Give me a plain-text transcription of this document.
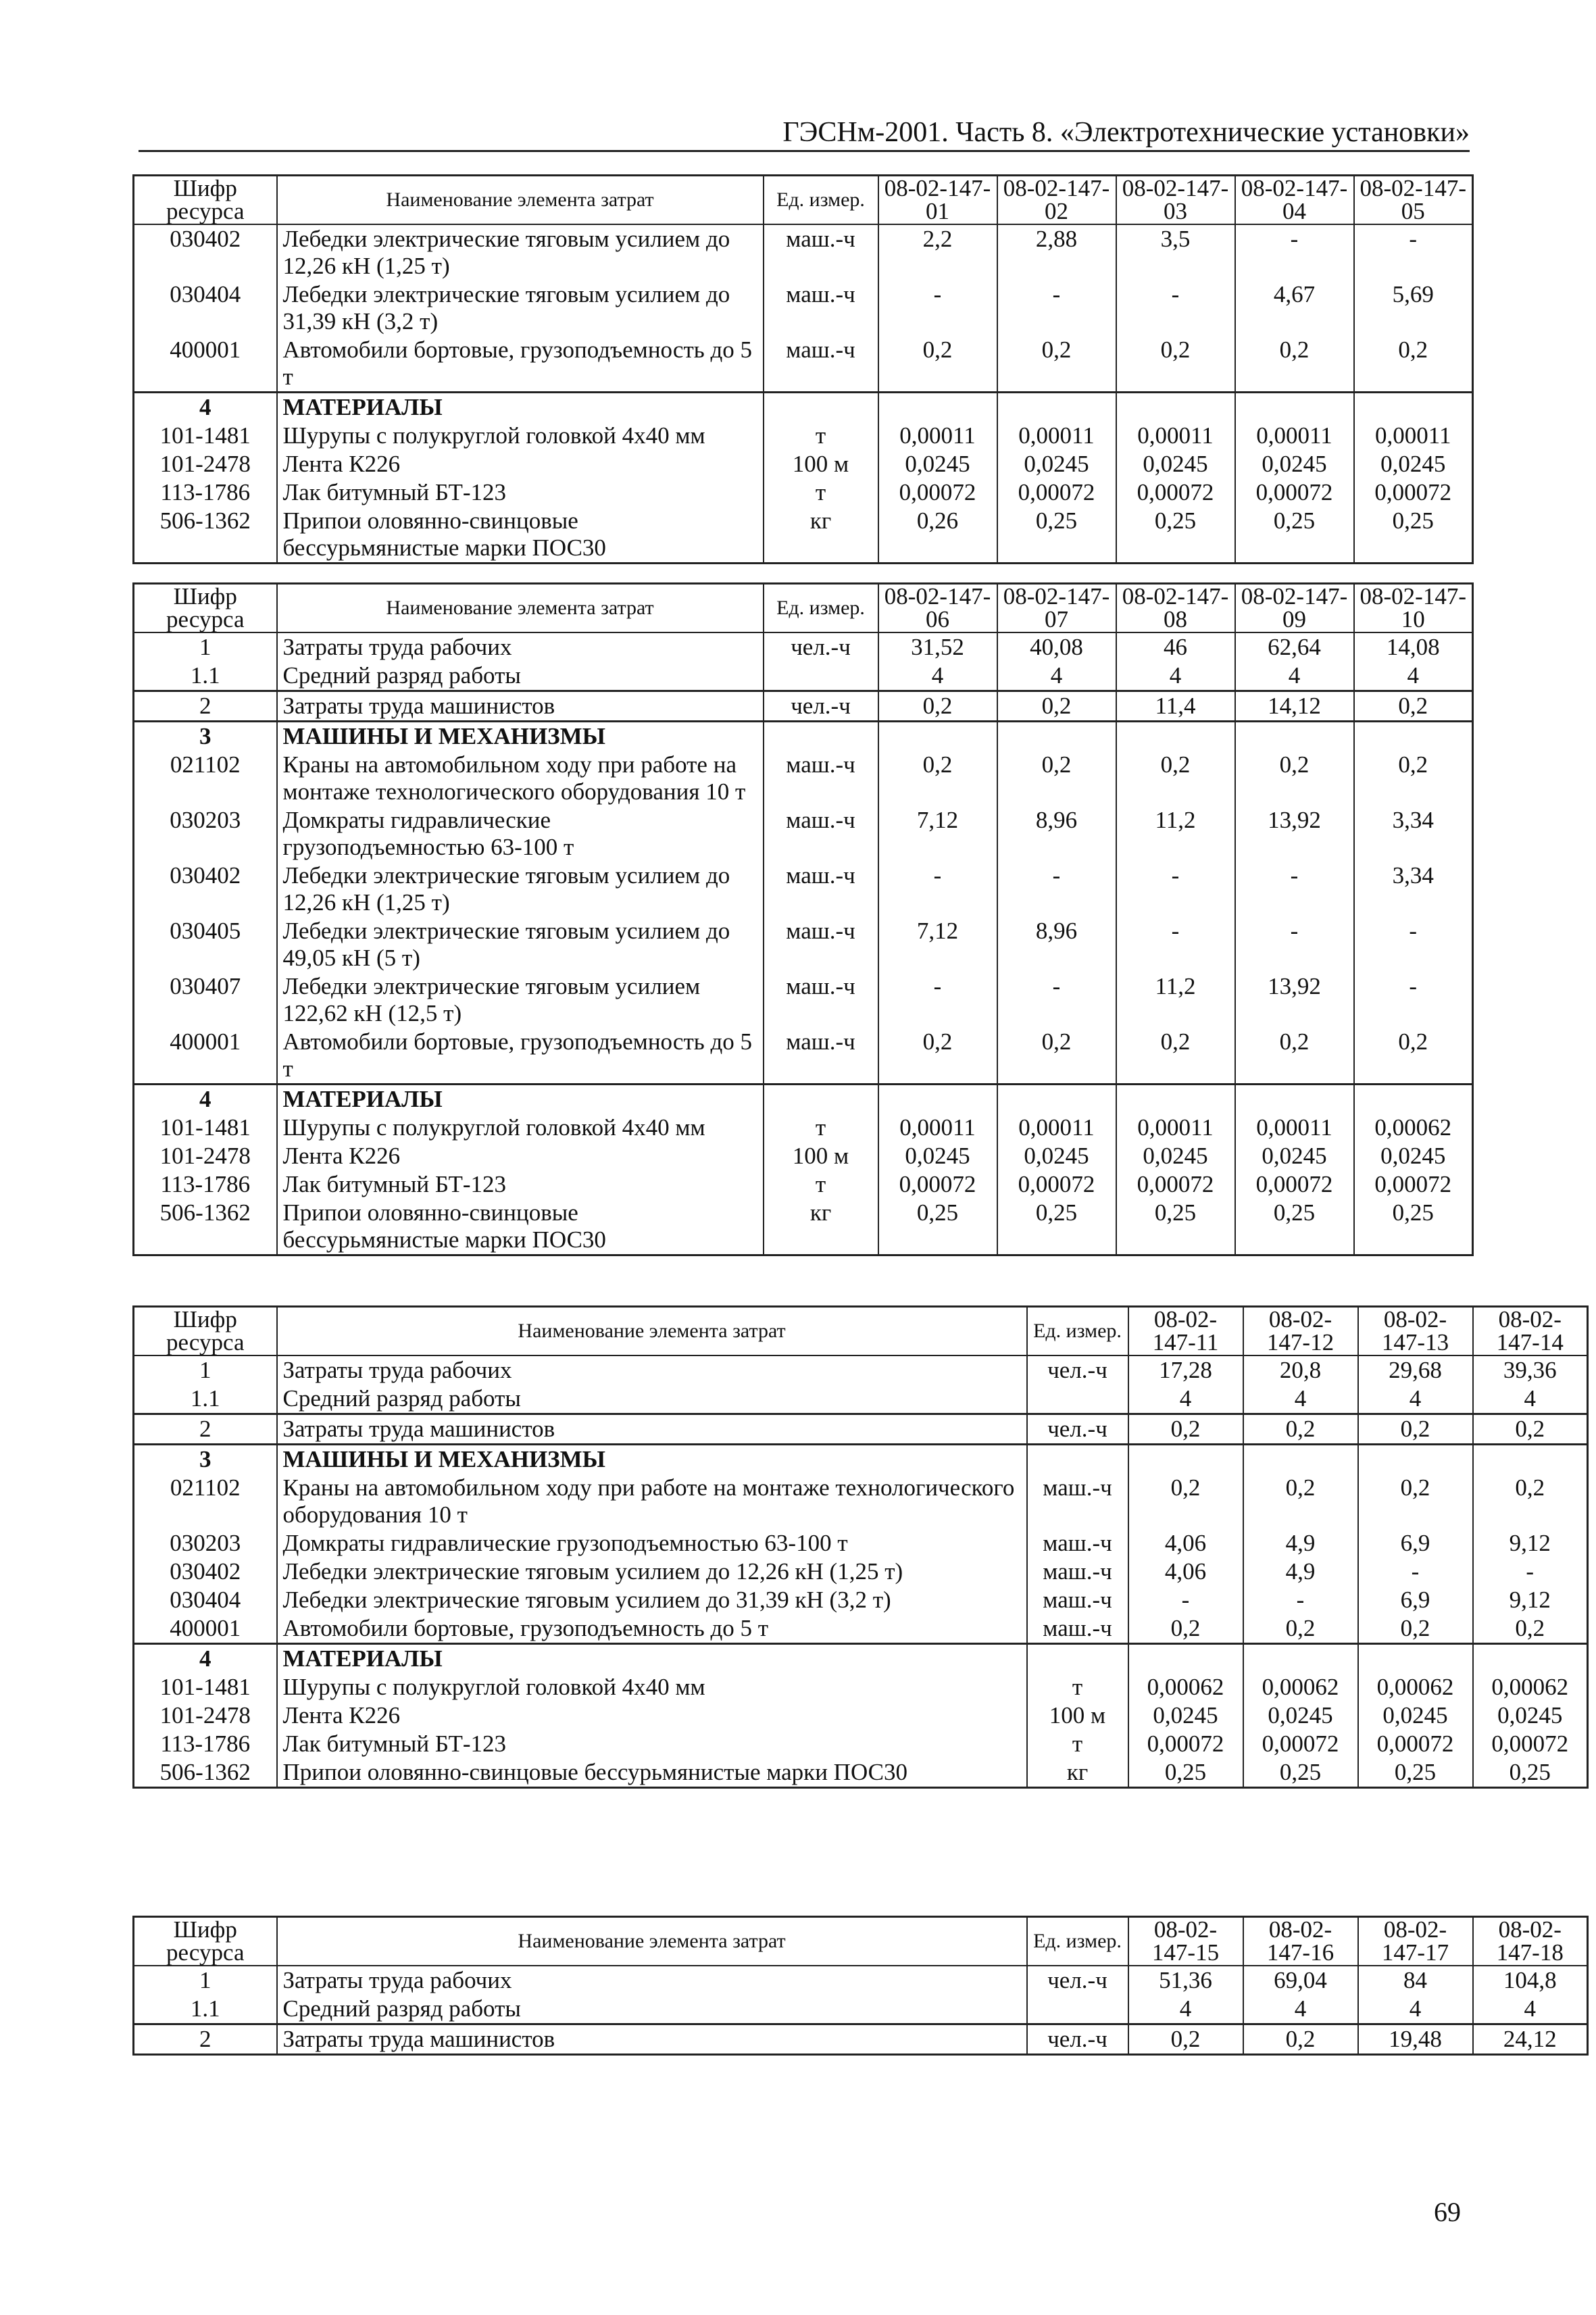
ГЭСНм-2001. Часть 8. «Электротехнические установки»
Шифр ресурса	Наименование элемента затрат	Ед. измер.	08-02-147-01	08-02-147-02	08-02-147-03	08-02-147-04	08-02-147-05
030402	Лебедки электрические тяговым усилием до 12,26 кН (1,25 т)	маш.-ч	2,2	2,88	3,5	-	-
030404	Лебедки электрические тяговым усилием до 31,39 кН (3,2 т)	маш.-ч	-	-	-	4,67	5,69
400001	Автомобили бортовые, грузоподъемность до 5 т	маш.-ч	0,2	0,2	0,2	0,2	0,2
4	МАТЕРИАЛЫ						
101-1481	Шурупы с полукруглой головкой 4x40 мм	т	0,00011	0,00011	0,00011	0,00011	0,00011
101-2478	Лента К226	100 м	0,0245	0,0245	0,0245	0,0245	0,0245
113-1786	Лак битумный БТ-123	т	0,00072	0,00072	0,00072	0,00072	0,00072
506-1362	Припои оловянно-свинцовые бессурьмянистые марки ПОС30	кг	0,26	0,25	0,25	0,25	0,25
Шифр ресурса	Наименование элемента затрат	Ед. измер.	08-02-147-06	08-02-147-07	08-02-147-08	08-02-147-09	08-02-147-10
1	Затраты труда рабочих	чел.-ч	31,52	40,08	46	62,64	14,08
1.1	Средний разряд работы		4	4	4	4	4
2	Затраты труда машинистов	чел.-ч	0,2	0,2	11,4	14,12	0,2
3	МАШИНЫ И МЕХАНИЗМЫ						
021102	Краны на автомобильном ходу при работе на монтаже технологического оборудования 10 т	маш.-ч	0,2	0,2	0,2	0,2	0,2
030203	Домкраты гидравлические грузоподъемностью 63-100 т	маш.-ч	7,12	8,96	11,2	13,92	3,34
030402	Лебедки электрические тяговым усилием до 12,26 кН (1,25 т)	маш.-ч	-	-	-	-	3,34
030405	Лебедки электрические тяговым усилием до 49,05 кН (5 т)	маш.-ч	7,12	8,96	-	-	-
030407	Лебедки электрические тяговым усилием 122,62 кН (12,5 т)	маш.-ч	-	-	11,2	13,92	-
400001	Автомобили бортовые, грузоподъемность до 5 т	маш.-ч	0,2	0,2	0,2	0,2	0,2
4	МАТЕРИАЛЫ						
101-1481	Шурупы с полукруглой головкой 4x40 мм	т	0,00011	0,00011	0,00011	0,00011	0,00062
101-2478	Лента К226	100 м	0,0245	0,0245	0,0245	0,0245	0,0245
113-1786	Лак битумный БТ-123	т	0,00072	0,00072	0,00072	0,00072	0,00072
506-1362	Припои оловянно-свинцовые бессурьмянистые марки ПОС30	кг	0,25	0,25	0,25	0,25	0,25
Шифр ресурса	Наименование элемента затрат	Ед. измер.	08-02-147-11	08-02-147-12	08-02-147-13	08-02-147-14
1	Затраты труда рабочих	чел.-ч	17,28	20,8	29,68	39,36
1.1	Средний разряд работы		4	4	4	4
2	Затраты труда машинистов	чел.-ч	0,2	0,2	0,2	0,2
3	МАШИНЫ И МЕХАНИЗМЫ					
021102	Краны на автомобильном ходу при работе на монтаже технологического оборудования 10 т	маш.-ч	0,2	0,2	0,2	0,2
030203	Домкраты гидравлические грузоподъемностью 63-100 т	маш.-ч	4,06	4,9	6,9	9,12
030402	Лебедки электрические тяговым усилием до 12,26 кН (1,25 т)	маш.-ч	4,06	4,9	-	-
030404	Лебедки электрические тяговым усилием до 31,39 кН (3,2 т)	маш.-ч	-	-	6,9	9,12
400001	Автомобили бортовые, грузоподъемность до 5 т	маш.-ч	0,2	0,2	0,2	0,2
4	МАТЕРИАЛЫ					
101-1481	Шурупы с полукруглой головкой 4x40 мм	т	0,00062	0,00062	0,00062	0,00062
101-2478	Лента К226	100 м	0,0245	0,0245	0,0245	0,0245
113-1786	Лак битумный БТ-123	т	0,00072	0,00072	0,00072	0,00072
506-1362	Припои оловянно-свинцовые бессурьмянистые марки ПОС30	кг	0,25	0,25	0,25	0,25
Шифр ресурса	Наименование элемента затрат	Ед. измер.	08-02-147-15	08-02-147-16	08-02-147-17	08-02-147-18
1	Затраты труда рабочих	чел.-ч	51,36	69,04	84	104,8
1.1	Средний разряд работы		4	4	4	4
2	Затраты труда машинистов	чел.-ч	0,2	0,2	19,48	24,12
69
